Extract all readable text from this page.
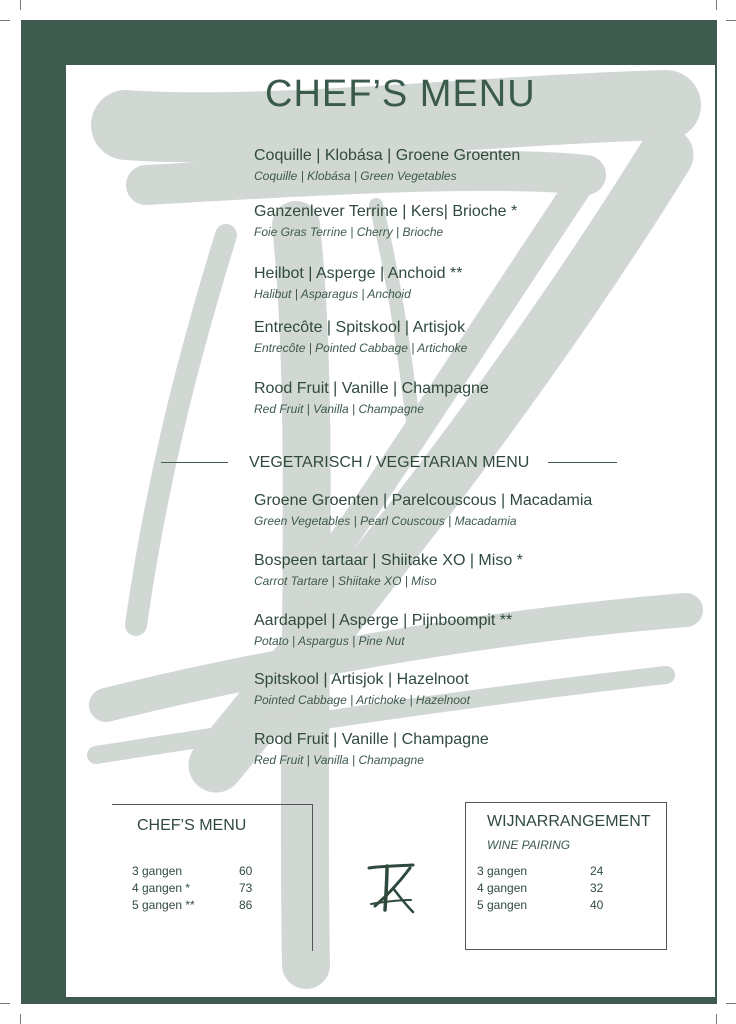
CHEF’S MENU
Coquille | Klobása | Groene Groenten
Coquille | Klobása | Green Vegetables
Ganzenlever Terrine | Kers| Brioche *
Foie Gras Terrine | Cherry | Brioche
Heilbot | Asperge | Anchoid **
Halibut | Asparagus | Anchoid
Entrecôte | Spitskool | Artisjok
Entrecôte | Pointed Cabbage | Artichoke
Rood Fruit | Vanille | Champagne
Red Fruit | Vanilla | Champagne
VEGETARISCH / VEGETARIAN MENU
Groene Groenten | Parelcouscous | Macadamia
Green Vegetables | Pearl Couscous | Macadamia
Bospeen tartaar | Shiitake XO | Miso *
Carrot Tartare | Shiitake XO | Miso
Aardappel | Asperge | Pijnboompit **
Potato | Aspargus | Pine Nut
Spitskool | Artisjok | Hazelnoot
Pointed Cabbage | Artichoke | Hazelnoot
Rood Fruit | Vanille | Champagne
Red Fruit | Vanilla | Champagne
CHEF’S MENU
3 gangen	60
4 gangen *	73
5 gangen **	86
WIJNARRANGEMENT
WINE PAIRING
3 gangen	24
4 gangen	32
5 gangen	40
